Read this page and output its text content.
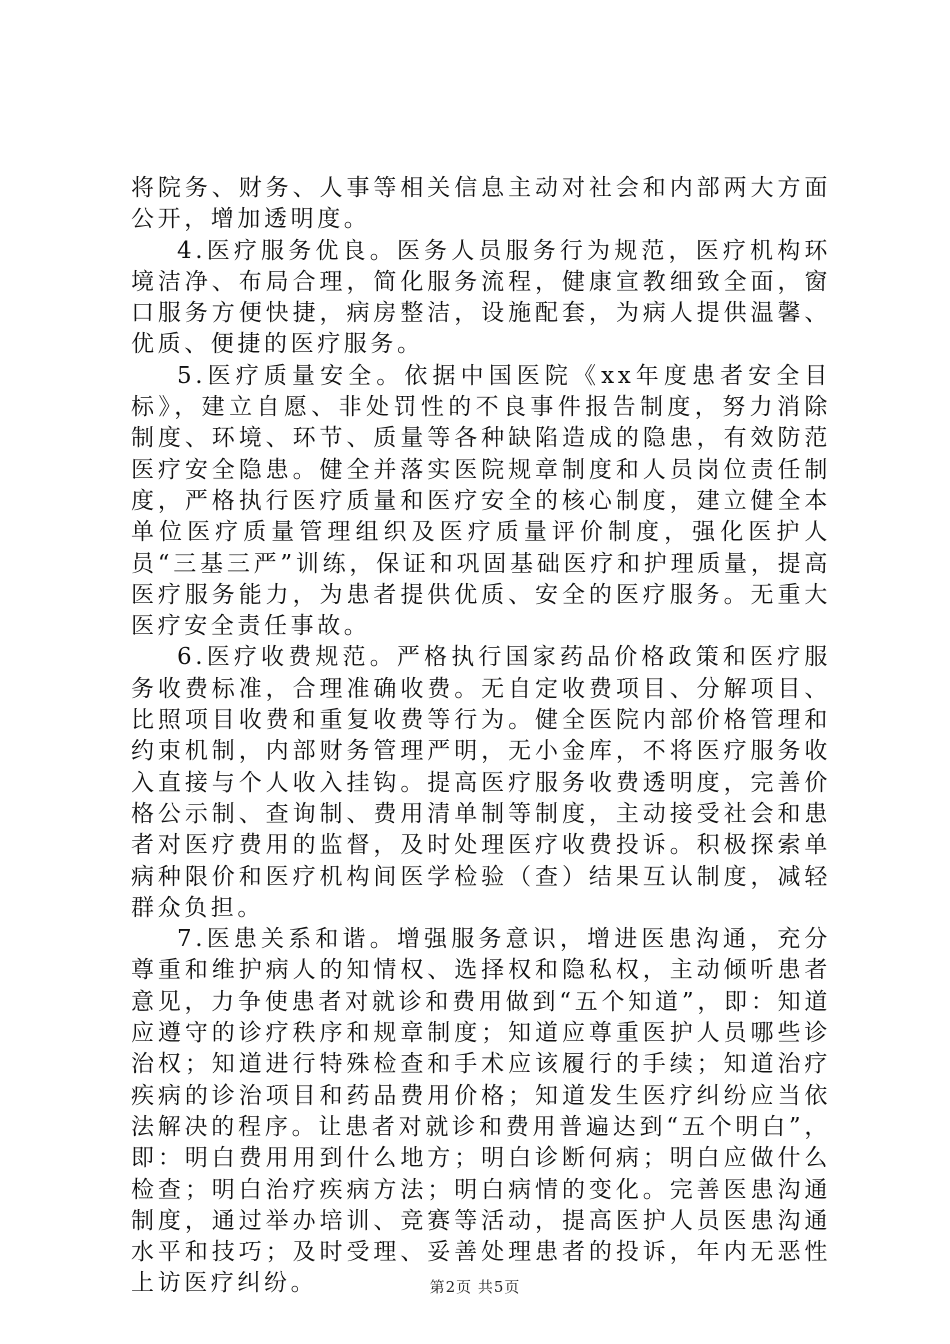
将院务、财务、人事等相关信息主动对社会和内部两大方面公开，增加透明度。

4.医疗服务优良。医务人员服务行为规范，医疗机构环境洁净、布局合理，简化服务流程，健康宣教细致全面，窗口服务方便快捷，病房整洁，设施配套，为病人提供温馨、优质、便捷的医疗服务。

5.医疗质量安全。依据中国医院《xx年度患者安全目标》，建立自愿、非处罚性的不良事件报告制度，努力消除制度、环境、环节、质量等各种缺陷造成的隐患，有效防范医疗安全隐患。健全并落实医院规章制度和人员岗位责任制度，严格执行医疗质量和医疗安全的核心制度，建立健全本单位医疗质量管理组织及医疗质量评价制度，强化医护人员“三基三严”训练，保证和巩固基础医疗和护理质量，提高医疗服务能力，为患者提供优质、安全的医疗服务。无重大医疗安全责任事故。

6.医疗收费规范。严格执行国家药品价格政策和医疗服务收费标准，合理准确收费。无自定收费项目、分解项目、比照项目收费和重复收费等行为。健全医院内部价格管理和约束机制，内部财务管理严明，无小金库，不将医疗服务收入直接与个人收入挂钩。提高医疗服务收费透明度，完善价格公示制、查询制、费用清单制等制度，主动接受社会和患者对医疗费用的监督，及时处理医疗收费投诉。积极探索单病种限价和医疗机构间医学检验（查）结果互认制度，减轻群众负担。

7.医患关系和谐。增强服务意识，增进医患沟通，充分尊重和维护病人的知情权、选择权和隐私权，主动倾听患者意见，力争使患者对就诊和费用做到“五个知道”，即：知道应遵守的诊疗秩序和规章制度；知道应尊重医护人员哪些诊治权；知道进行特殊检查和手术应该履行的手续；知道治疗疾病的诊治项目和药品费用价格；知道发生医疗纠纷应当依法解决的程序。让患者对就诊和费用普遍达到“五个明白”，即：明白费用用到什么地方；明白诊断何病；明白应做什么检查；明白治疗疾病方法；明白病情的变化。完善医患沟通制度，通过举办培训、竞赛等活动，提高医护人员医患沟通水平和技巧；及时受理、妥善处理患者的投诉，年内无恶性上访医疗纠纷。	第2页 共5页
